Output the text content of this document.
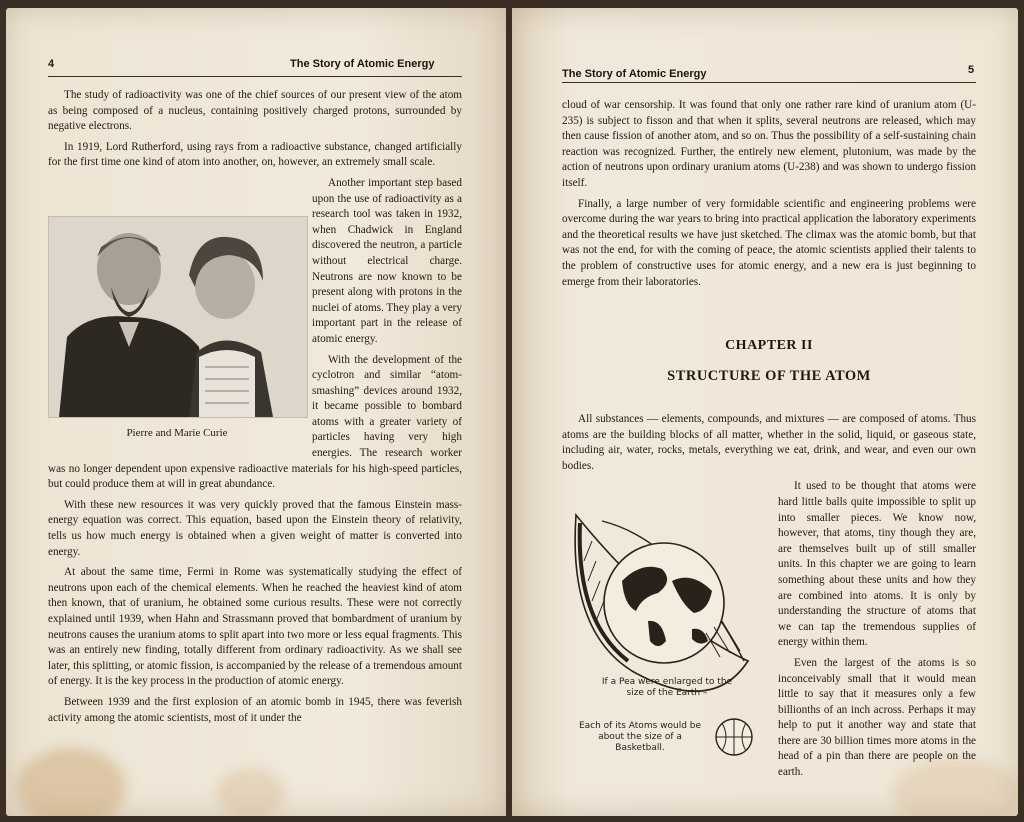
4	The Story of Atomic Energy

The study of radioactivity was one of the chief sources of our present view of the atom as being composed of a nucleus, containing positively charged protons, surrounded by negative electrons.

In 1919, Lord Rutherford, using rays from a radioactive substance, changed artificially for the first time one kind of atom into another, on, however, an extremely small scale.

Pierre and Marie Curie

Another important step based upon the use of radioactivity as a research tool was taken in 1932, when Chadwick in England discovered the neutron, a particle without electrical charge. Neutrons are now known to be present along with protons in the nuclei of atoms. They play a very important part in the release of atomic energy.

With the development of the cyclotron and similar “atom-smashing” devices around 1932, it became possible to bombard atoms with a greater variety of particles having very high energies. The research worker was no longer dependent upon expensive radioactive materials for his high-speed particles, but could produce them at will in great abundance.

With these new resources it was very quickly proved that the famous Einstein mass-energy equation was correct. This equation, based upon the Einstein theory of relativity, tells us how much energy is obtained when a given weight of matter is converted into energy.

At about the same time, Fermi in Rome was systematically studying the effect of neutrons upon each of the chemical elements. When he reached the heaviest kind of atom then known, that of uranium, he obtained some curious results. These were not correctly explained until 1939, when Hahn and Strassmann proved that bombardment of uranium by neutrons causes the uranium atoms to split apart into two more or less equal fragments. This was an entirely new finding, totally different from ordinary radioactivity. As we shall see later, this splitting, or atomic fission, is accompanied by the release of a tremendous amount of energy. It is the key process in the production of atomic energy.

Between 1939 and the first explosion of an atomic bomb in 1945, there was feverish activity among the atomic scientists, most of it under the

The Story of Atomic Energy	5

cloud of war censorship. It was found that only one rather rare kind of uranium atom (U-235) is subject to fisson and that when it splits, several neutrons are released, which may then cause fission of another atom, and so on. Thus the possibility of a self-sustaining chain reaction was recognized. Further, the entirely new element, plutonium, was made by the action of neutrons upon ordinary uranium atoms (U-238) and was shown to undergo fission itself.

Finally, a large number of very formidable scientific and engineering problems were overcome during the war years to bring into practical application the laboratory experiments and the theoretical results we have just sketched. The climax was the atomic bomb, but that was not the end, for with the coming of peace, the atomic scientists applied their talents to the problem of constructive uses for atomic energy, and a new era is just beginning to emerge from their laboratories.

CHAPTER II
STRUCTURE OF THE ATOM

All substances — elements, compounds, and mixtures — are composed of atoms. Thus atoms are the building blocks of all matter, whether in the solid, liquid, or gaseous state, including air, water, rocks, metals, everything we eat, drink, and wear, and even our own bodies.

If a Pea were enlarged to the size of the Earth –
Each of its Atoms would be about the size of a Basketball.

It used to be thought that atoms were hard little balls quite impossible to split up into smaller pieces. We know now, however, that atoms, tiny though they are, are themselves built up of still smaller units. In this chapter we are going to learn something about these units and how they are combined into atoms. It is only by understanding the structure of atoms that we can tap the tremendous supplies of energy within them.

Even the largest of the atoms is so inconceivably small that it would mean little to say that it measures only a few billionths of an inch across. Perhaps it may help to put it another way and state that there are 30 billion times more atoms in the head of a pin than there are people on the earth.
